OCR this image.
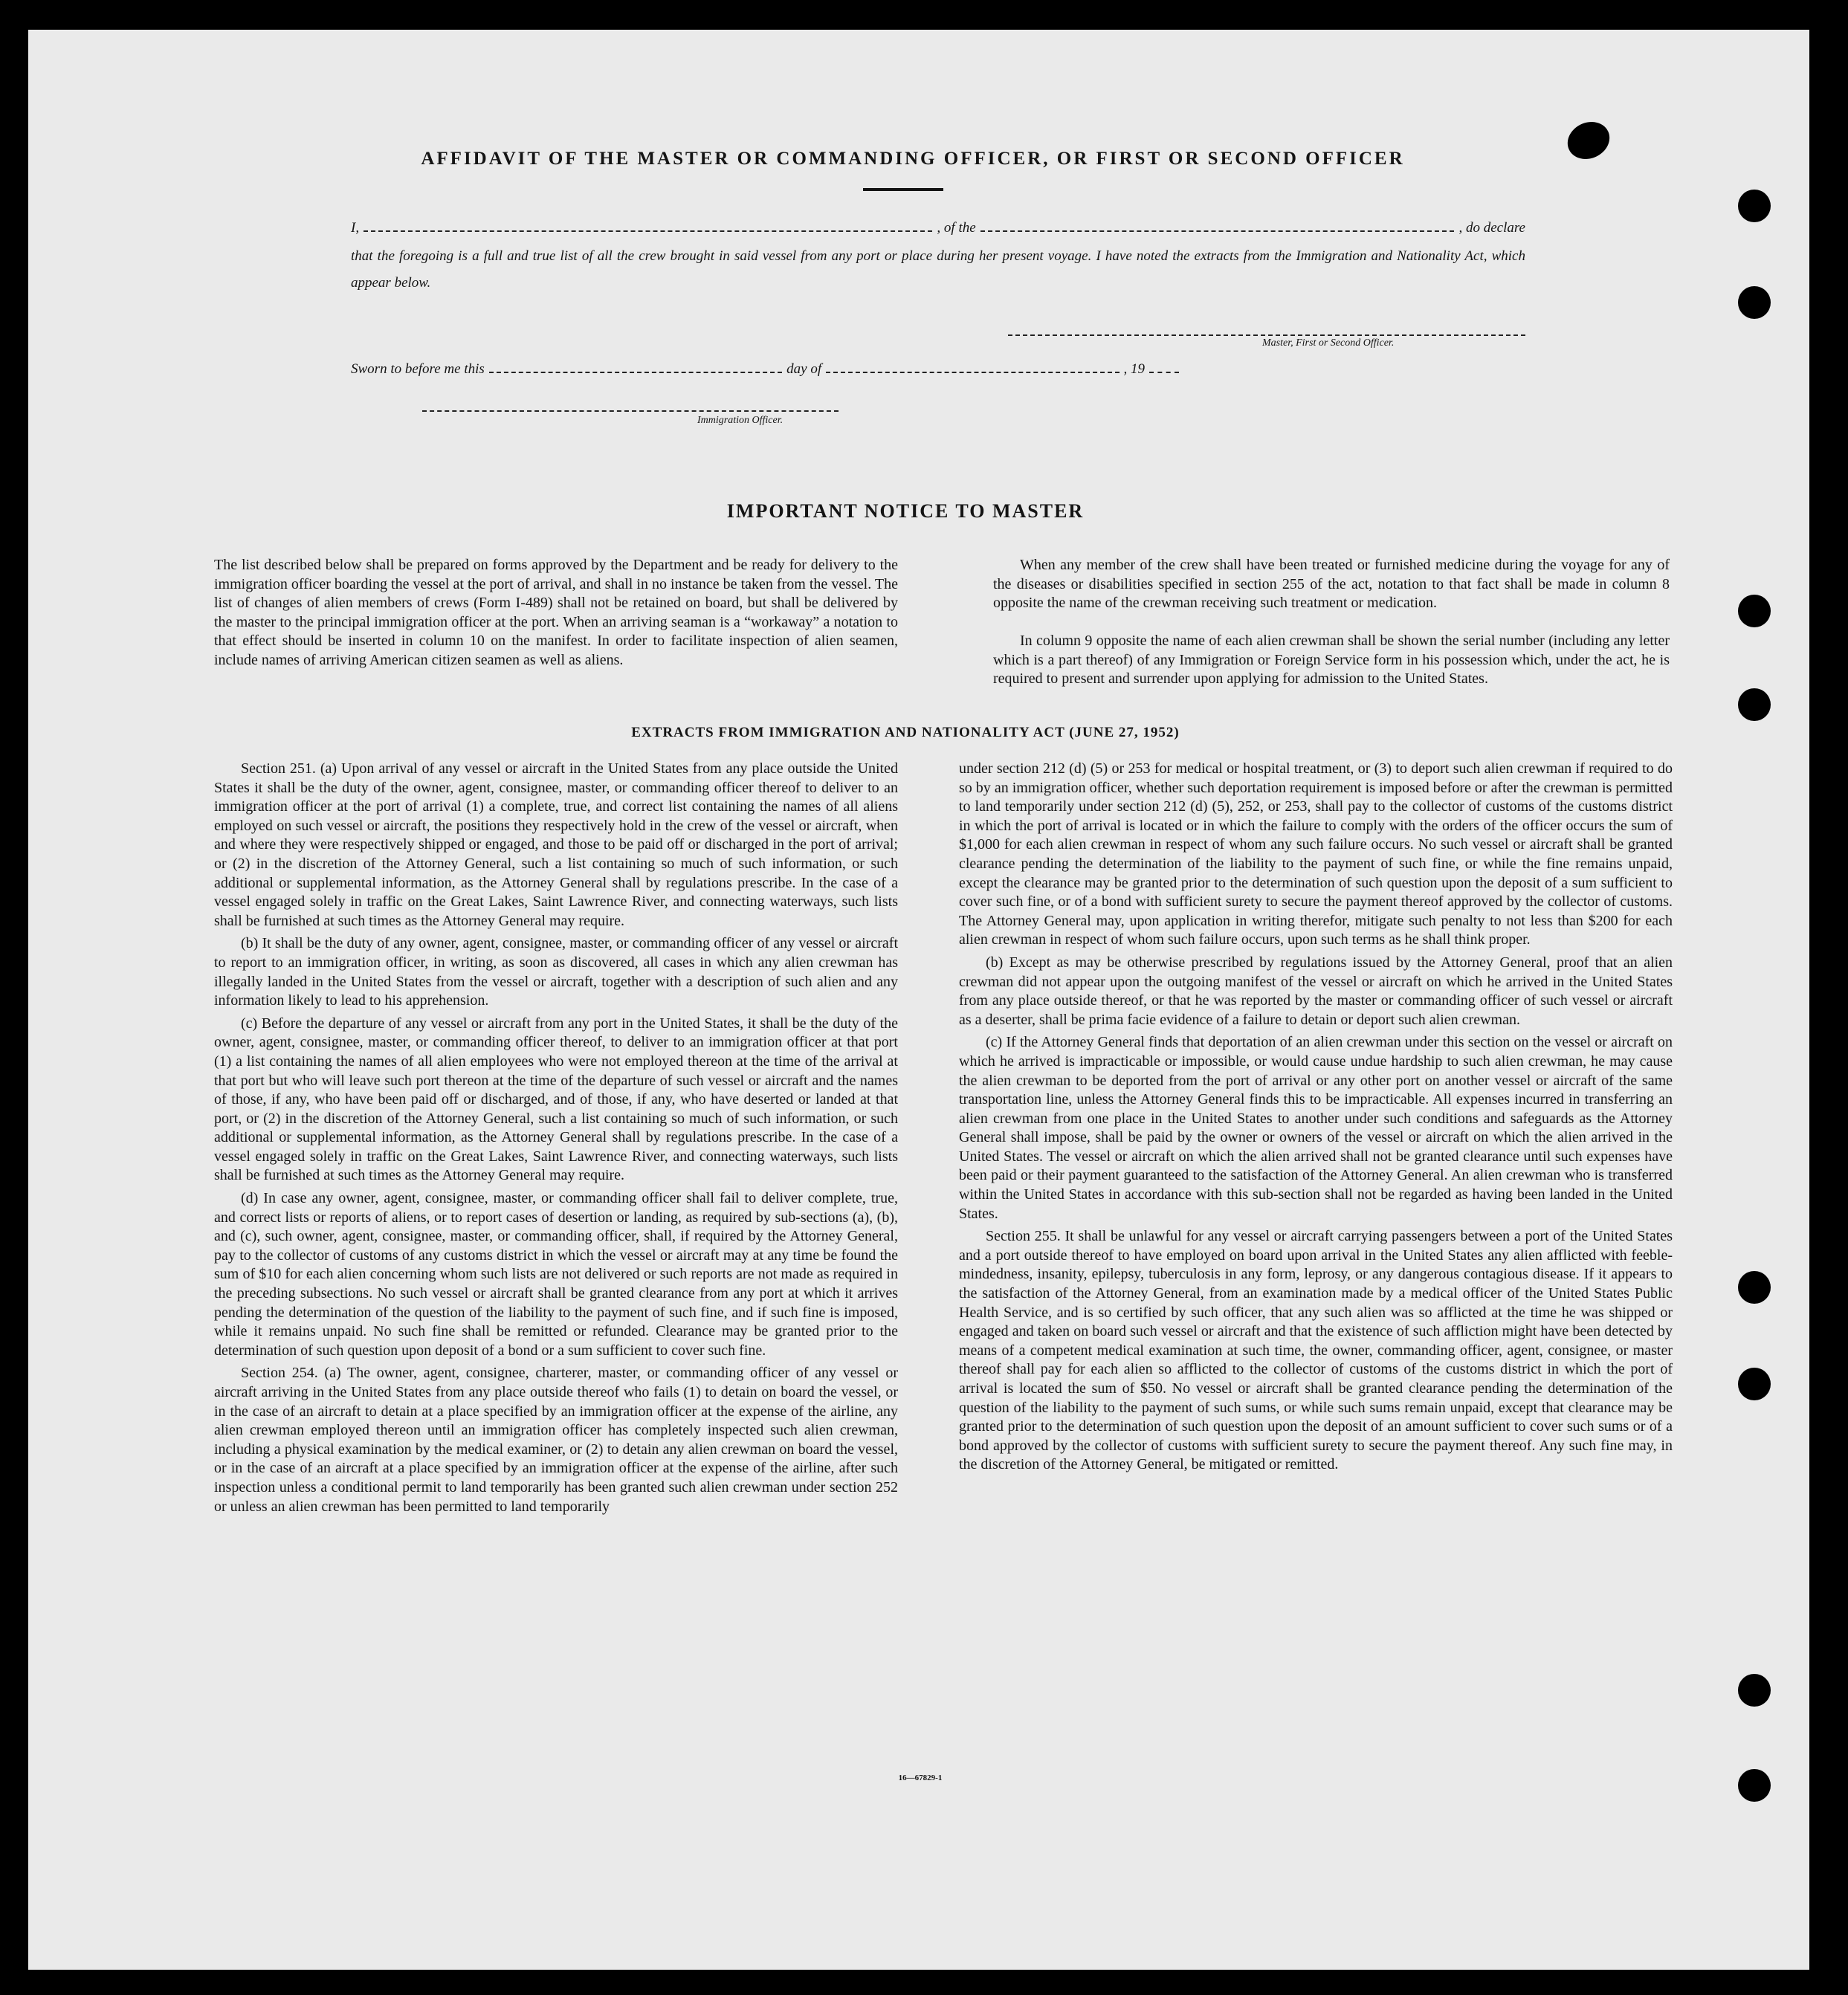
AFFIDAVIT OF THE MASTER OR COMMANDING OFFICER, OR FIRST OR SECOND OFFICER
I,	, of the	, do declare
that the foregoing is a full and true list of all the crew brought in said vessel from any port or place during her present voyage. I have noted the extracts from the Immigration and Nationality Act, which appear below.
Master, First or Second Officer.
Sworn to before me this	day of	, 19
Immigration Officer.
IMPORTANT NOTICE TO MASTER
The list described below shall be prepared on forms approved by the Department and be ready for delivery to the immigration officer boarding the vessel at the port of arrival, and shall in no instance be taken from the vessel. The list of changes of alien members of crews (Form I-489) shall not be retained on board, but shall be delivered by the master to the principal immigration officer at the port. When an arriving seaman is a “workaway” a notation to that effect should be inserted in column 10 on the manifest. In order to facilitate inspection of alien seamen, include names of arriving American citizen seamen as well as aliens.
When any member of the crew shall have been treated or furnished medicine during the voyage for any of the diseases or disabilities specified in section 255 of the act, notation to that fact shall be made in column 8 opposite the name of the crewman receiving such treatment or medication.
In column 9 opposite the name of each alien crewman shall be shown the serial number (including any letter which is a part thereof) of any Immigration or Foreign Service form in his possession which, under the act, he is required to present and surrender upon applying for admission to the United States.
EXTRACTS FROM IMMIGRATION AND NATIONALITY ACT (JUNE 27, 1952)

Section 251. (a) Upon arrival of any vessel or aircraft in the United States from any place outside the United States it shall be the duty of the owner, agent, consignee, master, or commanding officer thereof to deliver to an immigration officer at the port of arrival (1) a complete, true, and correct list containing the names of all aliens employed on such vessel or aircraft, the positions they respectively hold in the crew of the vessel or aircraft, when and where they were respectively shipped or engaged, and those to be paid off or discharged in the port of arrival; or (2) in the discretion of the Attorney General, such a list containing so much of such information, or such additional or supplemental information, as the Attorney General shall by regulations prescribe. In the case of a vessel engaged solely in traffic on the Great Lakes, Saint Lawrence River, and connecting waterways, such lists shall be furnished at such times as the Attorney General may require.

(b) It shall be the duty of any owner, agent, consignee, master, or commanding officer of any vessel or aircraft to report to an immigration officer, in writing, as soon as discovered, all cases in which any alien crewman has illegally landed in the United States from the vessel or aircraft, together with a description of such alien and any information likely to lead to his apprehension.

(c) Before the departure of any vessel or aircraft from any port in the United States, it shall be the duty of the owner, agent, consignee, master, or commanding officer thereof, to deliver to an immigration officer at that port (1) a list containing the names of all alien employees who were not employed thereon at the time of the arrival at that port but who will leave such port thereon at the time of the departure of such vessel or aircraft and the names of those, if any, who have been paid off or discharged, and of those, if any, who have deserted or landed at that port, or (2) in the discretion of the Attorney General, such a list containing so much of such information, or such additional or supplemental information, as the Attorney General shall by regulations prescribe. In the case of a vessel engaged solely in traffic on the Great Lakes, Saint Lawrence River, and connecting waterways, such lists shall be furnished at such times as the Attorney General may require.

(d) In case any owner, agent, consignee, master, or commanding officer shall fail to deliver complete, true, and correct lists or reports of aliens, or to report cases of desertion or landing, as required by sub-sections (a), (b), and (c), such owner, agent, consignee, master, or commanding officer, shall, if required by the Attorney General, pay to the collector of customs of any customs district in which the vessel or aircraft may at any time be found the sum of $10 for each alien concerning whom such lists are not delivered or such reports are not made as required in the preceding subsections. No such vessel or aircraft shall be granted clearance from any port at which it arrives pending the determination of the question of the liability to the payment of such fine, and if such fine is imposed, while it remains unpaid. No such fine shall be remitted or refunded. Clearance may be granted prior to the determination of such question upon deposit of a bond or a sum sufficient to cover such fine.

Section 254. (a) The owner, agent, consignee, charterer, master, or commanding officer of any vessel or aircraft arriving in the United States from any place outside thereof who fails (1) to detain on board the vessel, or in the case of an aircraft to detain at a place specified by an immigration officer at the expense of the airline, any alien crewman employed thereon until an immigration officer has completely inspected such alien crewman, including a physical examination by the medical examiner, or (2) to detain any alien crewman on board the vessel, or in the case of an aircraft at a place specified by an immigration officer at the expense of the airline, after such inspection unless a conditional permit to land temporarily has been granted such alien crewman under section 252 or unless an alien crewman has been permitted to land temporarily

under section 212 (d) (5) or 253 for medical or hospital treatment, or (3) to deport such alien crewman if required to do so by an immigration officer, whether such deportation requirement is imposed before or after the crewman is permitted to land temporarily under section 212 (d) (5), 252, or 253, shall pay to the collector of customs of the customs district in which the port of arrival is located or in which the failure to comply with the orders of the officer occurs the sum of $1,000 for each alien crewman in respect of whom any such failure occurs. No such vessel or aircraft shall be granted clearance pending the determination of the liability to the payment of such fine, or while the fine remains unpaid, except the clearance may be granted prior to the determination of such question upon the deposit of a sum sufficient to cover such fine, or of a bond with sufficient surety to secure the payment thereof approved by the collector of customs. The Attorney General may, upon application in writing therefor, mitigate such penalty to not less than $200 for each alien crewman in respect of whom such failure occurs, upon such terms as he shall think proper.

(b) Except as may be otherwise prescribed by regulations issued by the Attorney General, proof that an alien crewman did not appear upon the outgoing manifest of the vessel or aircraft on which he arrived in the United States from any place outside thereof, or that he was reported by the master or commanding officer of such vessel or aircraft as a deserter, shall be prima facie evidence of a failure to detain or deport such alien crewman.

(c) If the Attorney General finds that deportation of an alien crewman under this section on the vessel or aircraft on which he arrived is impracticable or impossible, or would cause undue hardship to such alien crewman, he may cause the alien crewman to be deported from the port of arrival or any other port on another vessel or aircraft of the same transportation line, unless the Attorney General finds this to be impracticable. All expenses incurred in transferring an alien crewman from one place in the United States to another under such conditions and safeguards as the Attorney General shall impose, shall be paid by the owner or owners of the vessel or aircraft on which the alien arrived in the United States. The vessel or aircraft on which the alien arrived shall not be granted clearance until such expenses have been paid or their payment guaranteed to the satisfaction of the Attorney General. An alien crewman who is transferred within the United States in accordance with this sub-section shall not be regarded as having been landed in the United States.

Section 255. It shall be unlawful for any vessel or aircraft carrying passengers between a port of the United States and a port outside thereof to have employed on board upon arrival in the United States any alien afflicted with feeble-mindedness, insanity, epilepsy, tuberculosis in any form, leprosy, or any dangerous contagious disease. If it appears to the satisfaction of the Attorney General, from an examination made by a medical officer of the United States Public Health Service, and is so certified by such officer, that any such alien was so afflicted at the time he was shipped or engaged and taken on board such vessel or aircraft and that the existence of such affliction might have been detected by means of a competent medical examination at such time, the owner, commanding officer, agent, consignee, or master thereof shall pay for each alien so afflicted to the collector of customs of the customs district in which the port of arrival is located the sum of $50. No vessel or aircraft shall be granted clearance pending the determination of the question of the liability to the payment of such sums, or while such sums remain unpaid, except that clearance may be granted prior to the determination of such question upon the deposit of an amount sufficient to cover such sums or of a bond approved by the collector of customs with sufficient surety to secure the payment thereof. Any such fine may, in the discretion of the Attorney General, be mitigated or remitted.

16—67829-1
